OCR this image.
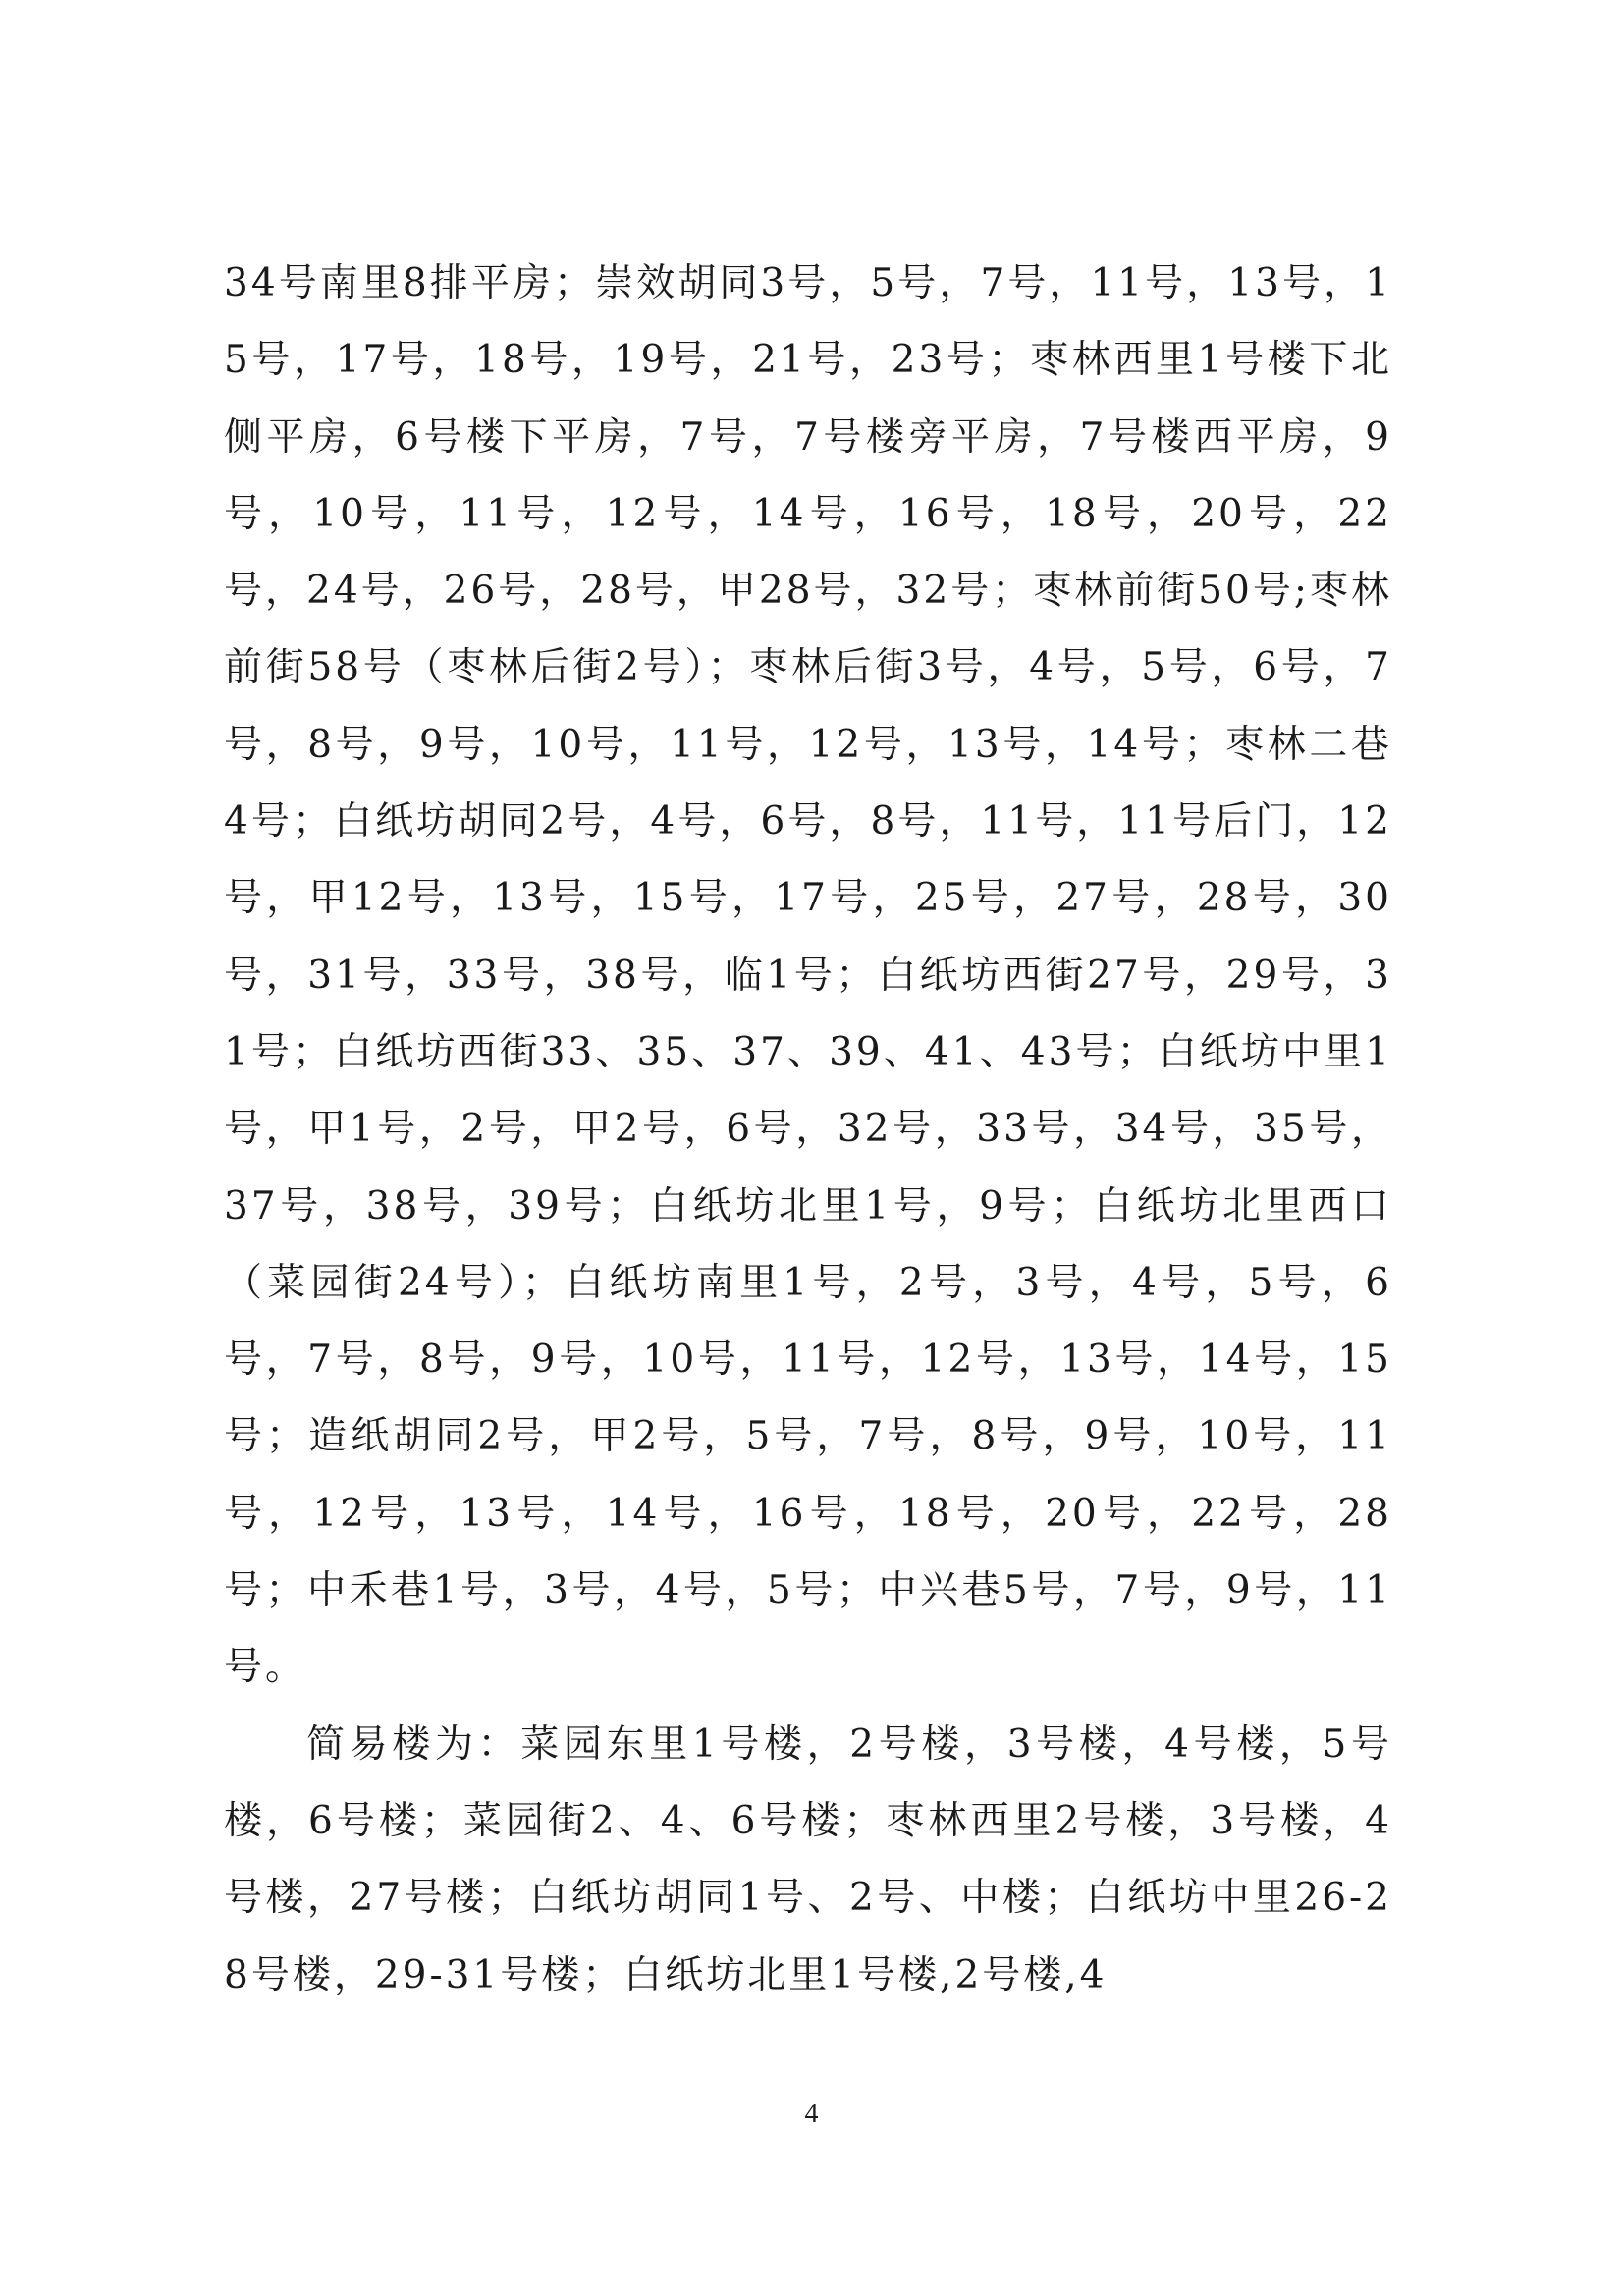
34号南里8排平房；崇效胡同3号，5号，7号，11号，13号，15号，17号，18号，19号，21号，23号；枣林西里1号楼下北侧平房，6号楼下平房，7号，7号楼旁平房，7号楼西平房，9号，10号，11号，12号，14号，16号，18号，20号，22号，24号，26号，28号，甲28号，32号；枣林前街50号;枣林前街58号（枣林后街2号）；枣林后街3号，4号，5号，6号，7号，8号，9号，10号，11号，12号，13号，14号；枣林二巷4号；白纸坊胡同2号，4号，6号，8号，11号，11号后门，12号，甲12号，13号，15号，17号，25号，27号，28号，30号，31号，33号，38号，临1号；白纸坊西街27号，29号，31号；白纸坊西街33、35、37、39、41、43号；白纸坊中里1号，甲1号，2号，甲2号，6号，32号，33号，34号，35号，37号，38号，39号；白纸坊北里1号，9号；白纸坊北里西口（菜园街24号）；白纸坊南里1号，2号，3号，4号，5号，6号，7号，8号，9号，10号，11号，12号，13号，14号，15号；造纸胡同2号，甲2号，5号，7号，8号，9号，10号，11号，12号，13号，14号，16号，18号，20号，22号，28号；中禾巷1号，3号，4号，5号；中兴巷5号，7号，9号，11号。

简易楼为：菜园东里1号楼，2号楼，3号楼，4号楼，5号楼，6号楼；菜园街2、4、6号楼；枣林西里2号楼，3号楼，4号楼，27号楼；白纸坊胡同1号、2号、中楼；白纸坊中里26-28号楼，29-31号楼；白纸坊北里1号楼,2号楼,4

4
